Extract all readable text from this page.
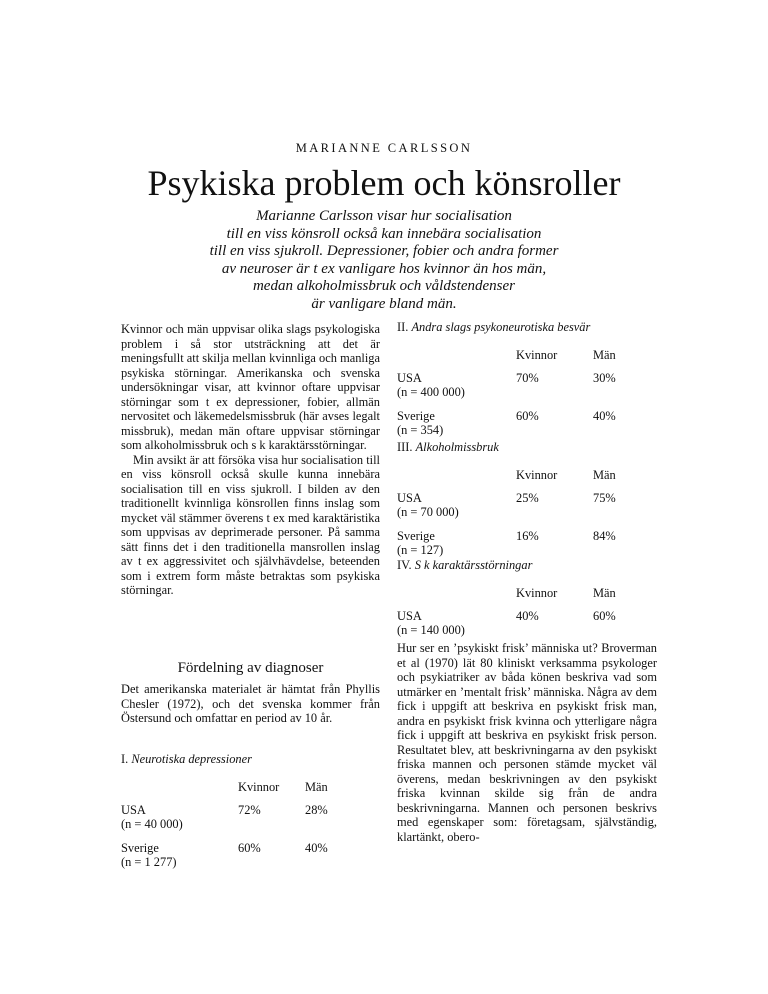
MARIANNE CARLSSON
Psykiska problem och könsroller
Marianne Carlsson visar hur socialisation
till en viss könsroll också kan innebära socialisation
till en viss sjukroll. Depressioner, fobier och andra former
av neuroser är t ex vanligare hos kvinnor än hos män,
medan alkoholmissbruk och våldstendenser
är vanligare bland män.

Kvinnor och män uppvisar olika slags psykologiska problem i så stor utsträckning att det är meningsfullt att skilja mellan kvinnliga och manliga psykiska störningar. Amerikanska och svenska undersökningar visar, att kvinnor oftare uppvisar störningar som t ex depressioner, fobier, allmän nervositet och läkemedelsmissbruk (här avses legalt missbruk), medan män oftare uppvisar störningar som alkoholmissbruk och s k karaktärsstörningar.

Min avsikt är att försöka visa hur socialisation till en viss könsroll också skulle kunna innebära socialisation till en viss sjukroll. I bilden av den traditionellt kvinnliga könsrollen finns inslag som mycket väl stämmer överens t ex med karaktäristika som uppvisas av deprimerade personer. På samma sätt finns det i den traditionella mansrollen inslag av t ex aggressivitet och självhävdelse, beteenden som i extrem form måste betraktas som psykiska störningar.

Fördelning av diagnoser

Det amerikanska materialet är hämtat från Phyllis Chesler (1972), och det svenska kommer från Östersund och omfattar en period av 10 år.

I. Neurotiska depressioner
Kvinnor Män
USA
(n = 40 000)
72%	28%
Sverige
(n = 1 277)
60%	40%
II. Andra slags psykoneurotiska besvär
Kvinnor	Män
USA
(n = 400 000)
70%	30%
Sverige
(n = 354)
60%	40%
III. Alkoholmissbruk
Kvinnor	Män
USA
(n = 70 000)
25%	75%
Sverige
(n = 127)
16%	84%
IV. S k karaktärsstörningar
Kvinnor	Män
USA
(n = 140 000)
40%	60%

Hur ser en ’psykiskt frisk’ människa ut? Broverman et al (1970) lät 80 kliniskt verksamma psykologer och psykiatriker av båda könen beskriva vad som utmärker en ’mentalt frisk’ människa. Några av dem fick i uppgift att beskriva en psykiskt frisk man, andra en psykiskt frisk kvinna och ytterligare några fick i uppgift att beskriva en psykiskt frisk person. Resultatet blev, att beskrivningarna av den psykiskt friska mannen och personen stämde mycket väl överens, medan beskrivningen av den psykiskt friska kvinnan skilde sig från de andra beskrivningarna. Mannen och personen beskrivs med egenskaper som: företagsam, självständig, klartänkt, obero-
